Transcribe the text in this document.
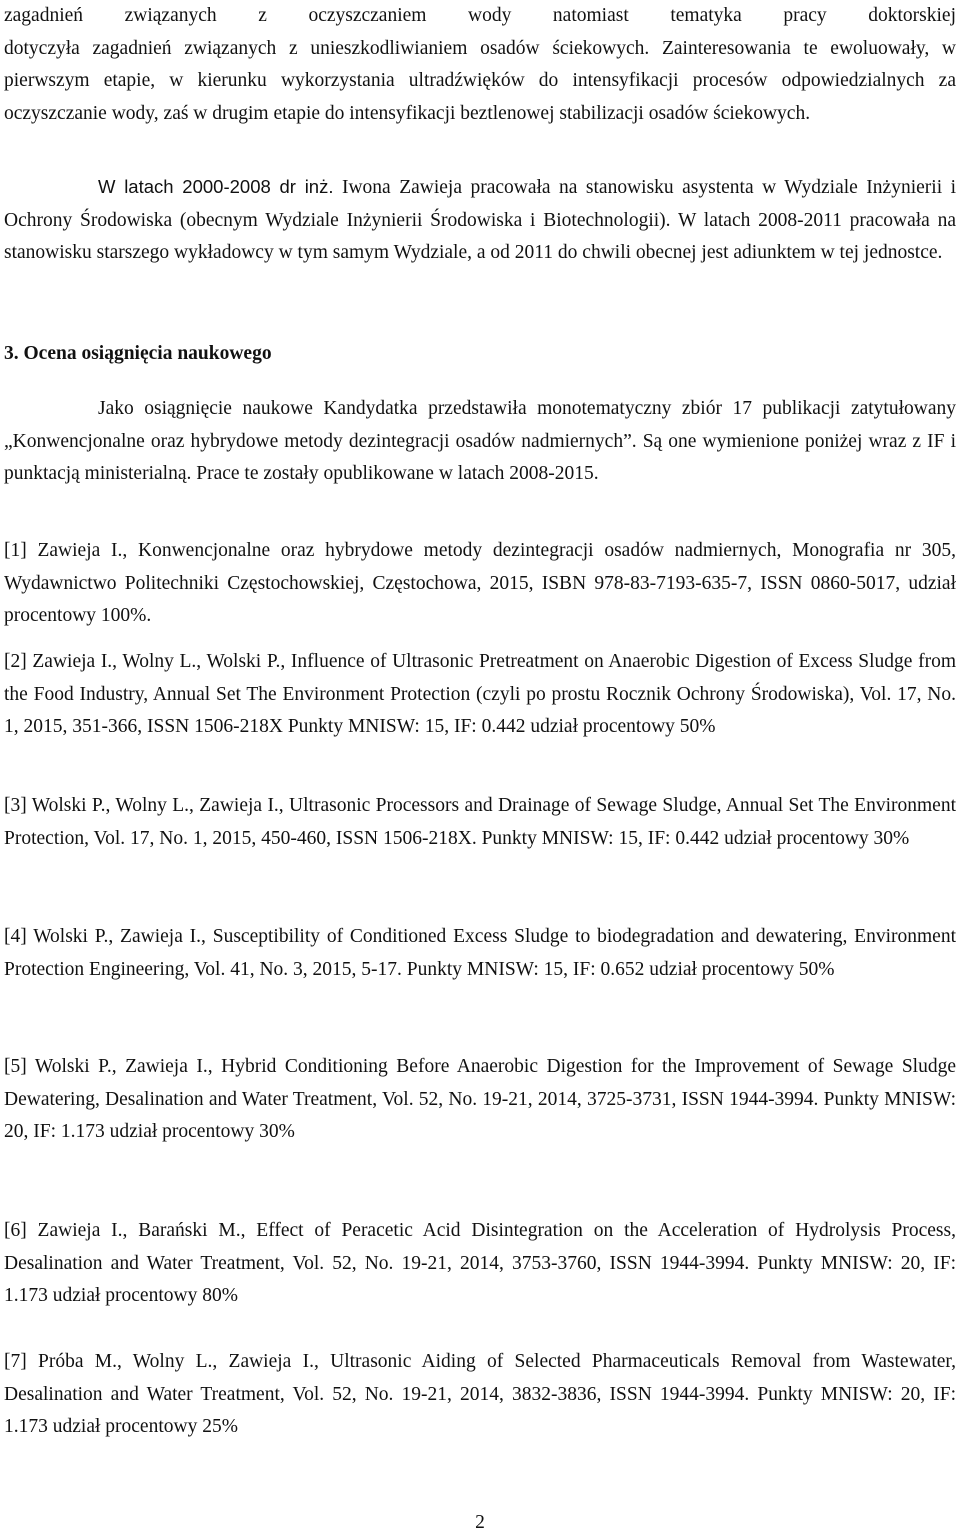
zagadnień związanych z oczyszczaniem wody natomiast tematyka pracy doktorskiej

dotyczyła zagadnień związanych z unieszkodliwianiem osadów ściekowych. Zainteresowania te ewoluowały, w pierwszym etapie, w kierunku wykorzystania ultradźwięków do intensyfikacji procesów odpowiedzialnych za oczyszczanie wody, zaś w drugim etapie do intensyfikacji beztlenowej stabilizacji osadów ściekowych.

W latach 2000-2008 dr inż. Iwona Zawieja pracowała na stanowisku asystenta w Wydziale Inżynierii i Ochrony Środowiska (obecnym Wydziale Inżynierii Środowiska i Biotechnologii). W latach 2008-2011 pracowała na stanowisku starszego wykładowcy w tym samym Wydziale, a od 2011 do chwili obecnej jest adiunktem w tej jednostce.

3. Ocena osiągnięcia naukowego

Jako osiągnięcie naukowe Kandydatka przedstawiła monotematyczny zbiór 17 publikacji zatytułowany „Konwencjonalne oraz hybrydowe metody dezintegracji osadów nadmiernych”. Są one wymienione poniżej wraz z IF i punktacją ministerialną. Prace te zostały opublikowane w latach 2008-2015.

[1] Zawieja I., Konwencjonalne oraz hybrydowe metody dezintegracji osadów nadmiernych, Monografia nr 305, Wydawnictwo Politechniki Częstochowskiej, Częstochowa, 2015, ISBN 978-83-7193-635-7, ISSN 0860-5017, udział procentowy 100%.

[2] Zawieja I., Wolny L., Wolski P., Influence of Ultrasonic Pretreatment on Anaerobic Digestion of Excess Sludge from the Food Industry, Annual Set The Environment Protection (czyli po prostu Rocznik Ochrony Środowiska), Vol. 17, No. 1, 2015, 351-366, ISSN 1506-218X Punkty MNISW: 15, IF: 0.442 udział procentowy 50%

[3] Wolski P., Wolny L., Zawieja I., Ultrasonic Processors and Drainage of Sewage Sludge, Annual Set The Environment Protection, Vol. 17, No. 1, 2015, 450-460, ISSN 1506-218X. Punkty MNISW: 15, IF: 0.442 udział procentowy 30%

[4] Wolski P., Zawieja I., Susceptibility of Conditioned Excess Sludge to biodegradation and dewatering, Environment Protection Engineering, Vol. 41, No. 3, 2015, 5-17. Punkty MNISW: 15, IF: 0.652 udział procentowy 50%

[5] Wolski P., Zawieja I., Hybrid Conditioning Before Anaerobic Digestion for the Improvement of Sewage Sludge Dewatering, Desalination and Water Treatment, Vol. 52, No. 19-21, 2014, 3725-3731, ISSN 1944-3994. Punkty MNISW: 20, IF: 1.173 udział procentowy 30%

[6] Zawieja I., Barański M., Effect of Peracetic Acid Disintegration on the Acceleration of Hydrolysis Process, Desalination and Water Treatment, Vol. 52, No. 19-21, 2014, 3753-3760, ISSN 1944-3994. Punkty MNISW: 20, IF: 1.173 udział procentowy 80%

[7] Próba M., Wolny L., Zawieja I., Ultrasonic Aiding of Selected Pharmaceuticals Removal from Wastewater, Desalination and Water Treatment, Vol. 52, No. 19-21, 2014, 3832-3836, ISSN 1944-3994. Punkty MNISW: 20, IF: 1.173 udział procentowy 25%

2
